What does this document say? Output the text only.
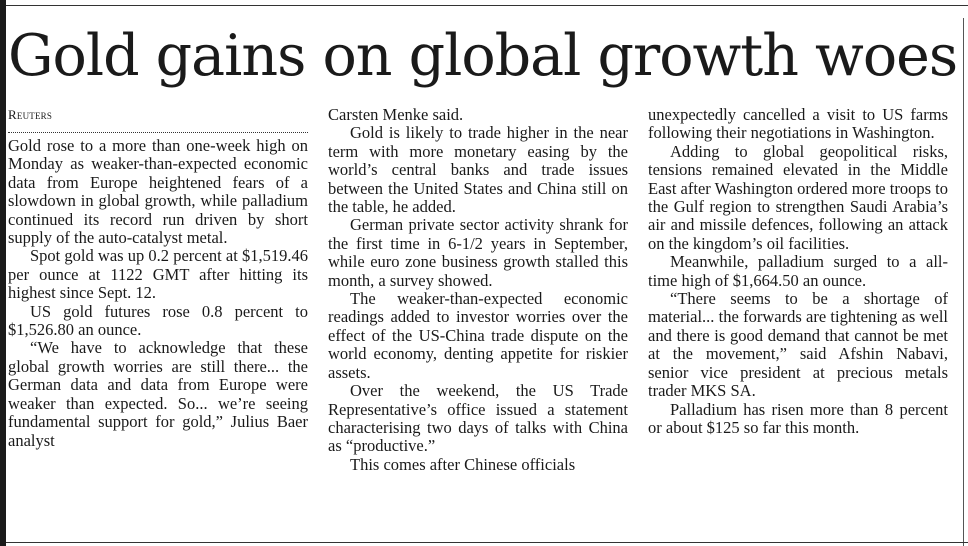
Gold gains on global growth woes
Reuters

Gold rose to a more than one-week high on Monday as weaker-than-expected economic data from Europe heightened fears of a slowdown in global growth, while palladium continued its record run driven by short supply of the auto-catalyst metal.

Spot gold was up 0.2 percent at $1,519.46 per ounce at 1122 GMT after hitting its highest since Sept. 12.

US gold futures rose 0.8 percent to $1,526.80 an ounce.

“We have to acknowledge that these global growth worries are still there... the German data and data from Europe were weaker than expected. So... we’re seeing fundamental support for gold,” Julius Baer analyst

Carsten Menke said.

Gold is likely to trade higher in the near term with more monetary easing by the world’s central banks and trade issues between the United States and China still on the table, he added.

German private sector activity shrank for the first time in 6-1/2 years in September, while euro zone business growth stalled this month, a survey showed.

The weaker-than-expected economic readings added to investor worries over the effect of the US-China trade dispute on the world economy, denting appetite for riskier assets.

Over the weekend, the US Trade Representative’s office issued a statement characterising two days of talks with China as “productive.”

This comes after Chinese officials

unexpectedly cancelled a visit to US farms following their negotiations in Washington.

Adding to global geopolitical risks, tensions remained elevated in the Middle East after Washington ordered more troops to the Gulf region to strengthen Saudi Arabia’s air and missile defences, following an attack on the kingdom’s oil facilities.

Meanwhile, palladium surged to a all-time high of $1,664.50 an ounce.

“There seems to be a shortage of material... the forwards are tightening as well and there is good demand that cannot be met at the movement,” said Afshin Nabavi, senior vice president at precious metals trader MKS SA.

Palladium has risen more than 8 percent or about $125 so far this month.
